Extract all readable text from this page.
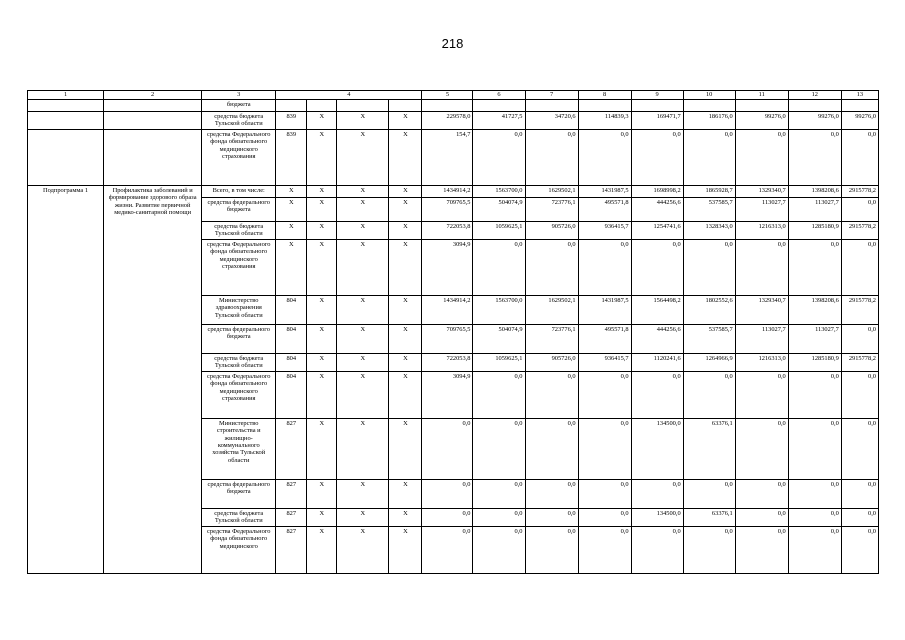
218
1	2	3	4				5	6	7	8	9	10	11	12	13
		бюджета													
		средства бюджета Тульской области	839	X	X	X	229578,0	41727,5	34720,6	114839,3	169471,7	186176,0	99276,0	99276,0	99276,0
		средства Федерального фонда обязательного медицинского страхования	839	X	X	X	154,7	0,0	0,0	0,0	0,0	0,0	0,0	0,0	0,0
Подпрограмма 1	Профилактика заболеваний и формирование здорового образа жизни. Развитие первичной медико-санитарной помощи	Всего, в том числе:	X	X	X	X	1434914,2	1563700,0	1629502,1	1431987,5	1698998,2	1865928,7	1329340,7	1398208,6	2915778,2
		средства федерального бюджета	X	X	X	X	709765,5	504074,9	723776,1	495571,8	444256,6	537585,7	113027,7	113027,7	0,0
		средства бюджета Тульской области	X	X	X	X	722053,8	1059625,1	905726,0	936415,7	1254741,6	1328343,0	1216313,0	1285180,9	2915778,2
		средства Федерального фонда обязательного медицинского страхования	X	X	X	X	3094,9	0,0	0,0	0,0	0,0	0,0	0,0	0,0	0,0
		Министерство здравоохранения Тульской области	804	X	X	X	1434914,2	1563700,0	1629502,1	1431987,5	1564498,2	1802552,6	1329340,7	1398208,6	2915778,2
		средства федерального бюджета	804	X	X	X	709765,5	504074,9	723776,1	495571,8	444256,6	537585,7	113027,7	113027,7	0,0
		средства бюджета Тульской области	804	X	X	X	722053,8	1059625,1	905726,0	936415,7	1120241,6	1264966,9	1216313,0	1285180,9	2915778,2
		средства Федерального фонда обязательного медицинского страхования	804	X	X	X	3094,9	0,0	0,0	0,0	0,0	0,0	0,0	0,0	0,0
		Министерство строительства и жилищно-коммунального хозяйства Тульской области	827	X	X	X	0,0	0,0	0,0	0,0	134500,0	63376,1	0,0	0,0	0,0
		средства федерального бюджета	827	X	X	X	0,0	0,0	0,0	0,0	0,0	0,0	0,0	0,0	0,0
		средства бюджета Тульской области	827	X	X	X	0,0	0,0	0,0	0,0	134500,0	63376,1	0,0	0,0	0,0
		средства Федерального фонда обязательного медицинского	827	X	X	X	0,0	0,0	0,0	0,0	0,0	0,0	0,0	0,0	0,0
